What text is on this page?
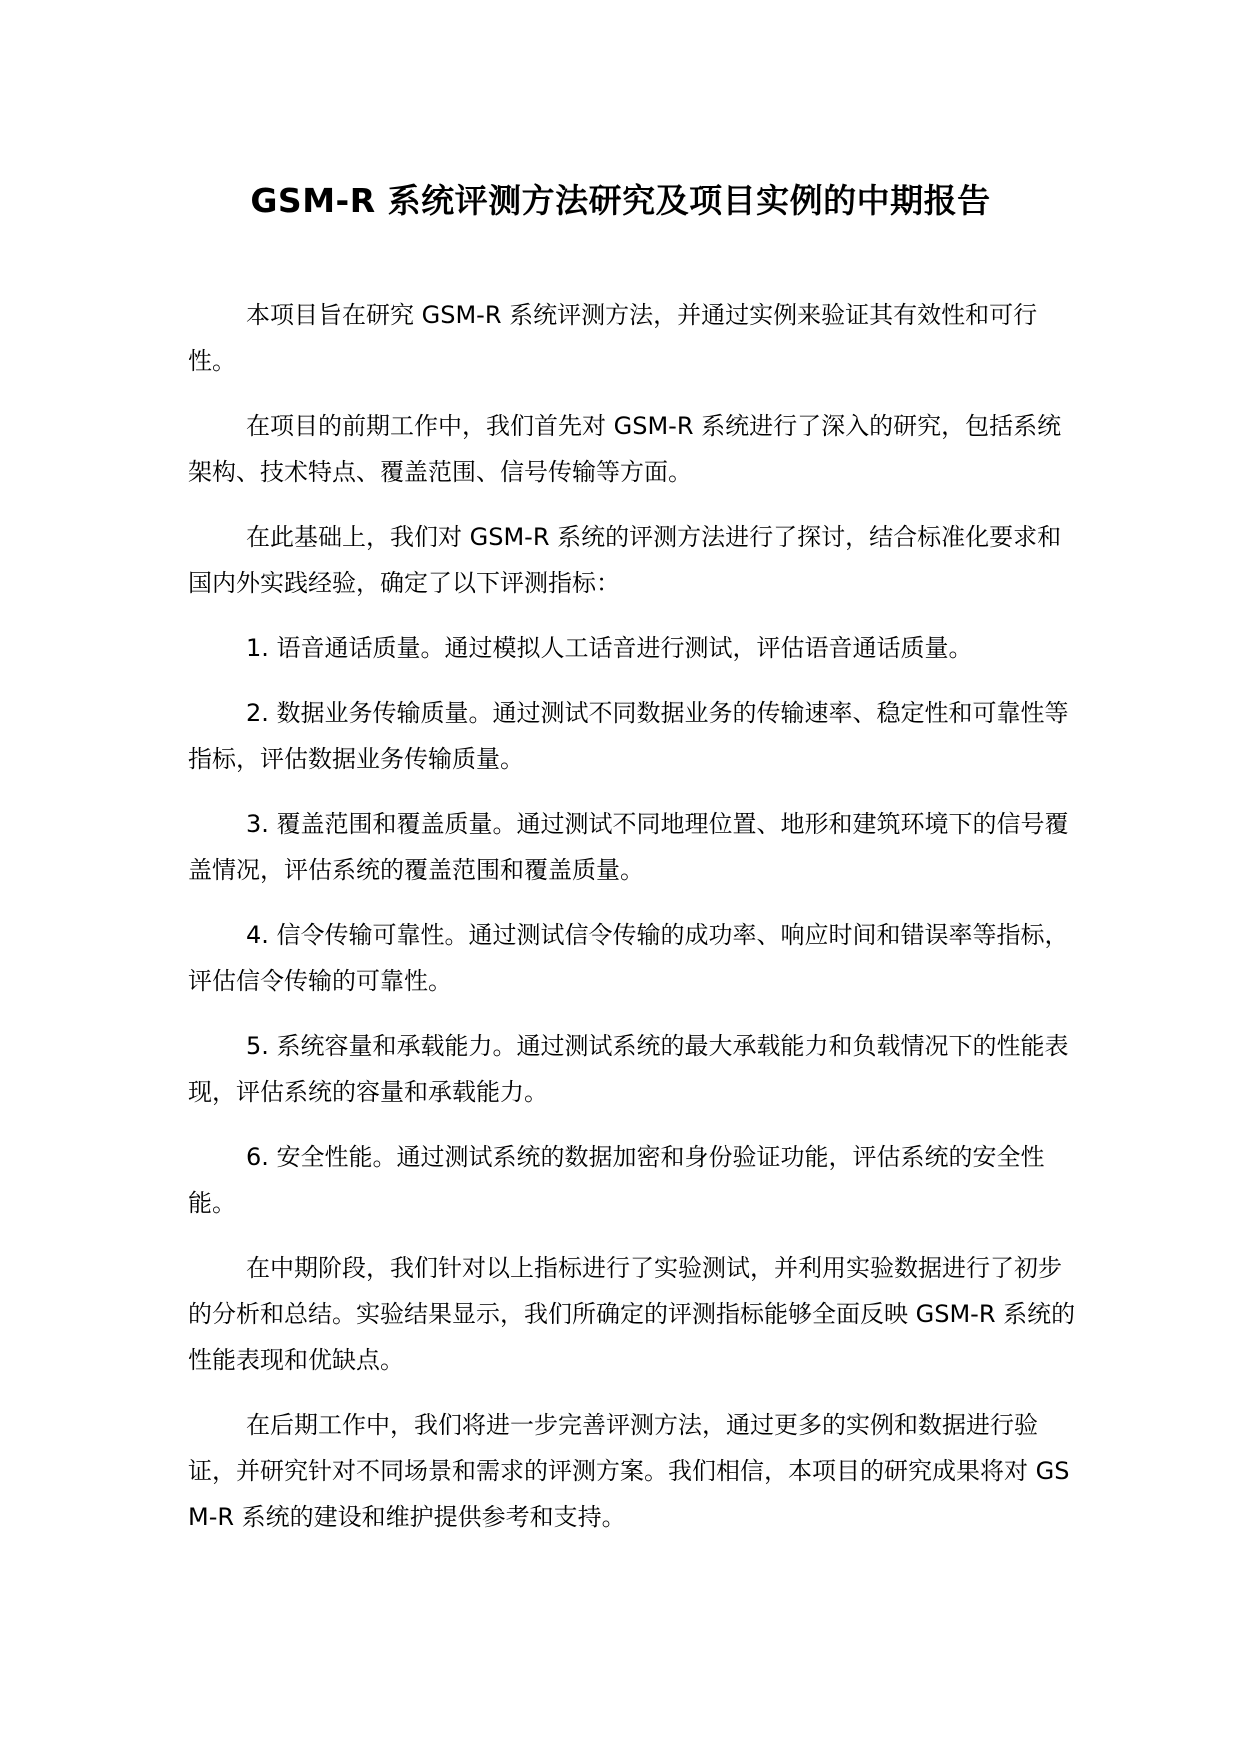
GSM-R 系统评测方法研究及项目实例的中期报告

本项目旨在研究 GSM-R 系统评测方法，并通过实例来验证其有效性和可行性。

在项目的前期工作中，我们首先对 GSM-R 系统进行了深入的研究，包括系统架构、技术特点、覆盖范围、信号传输等方面。

在此基础上，我们对 GSM-R 系统的评测方法进行了探讨，结合标准化要求和国内外实践经验，确定了以下评测指标：

1. 语音通话质量。通过模拟人工话音进行测试，评估语音通话质量。

2. 数据业务传输质量。通过测试不同数据业务的传输速率、稳定性和可靠性等指标，评估数据业务传输质量。

3. 覆盖范围和覆盖质量。通过测试不同地理位置、地形和建筑环境下的信号覆盖情况，评估系统的覆盖范围和覆盖质量。

4. 信令传输可靠性。通过测试信令传输的成功率、响应时间和错误率等指标，评估信令传输的可靠性。

5. 系统容量和承载能力。通过测试系统的最大承载能力和负载情况下的性能表现，评估系统的容量和承载能力。

6. 安全性能。通过测试系统的数据加密和身份验证功能，评估系统的安全性能。

在中期阶段，我们针对以上指标进行了实验测试，并利用实验数据进行了初步的分析和总结。实验结果显示，我们所确定的评测指标能够全面反映 GSM-R 系统的性能表现和优缺点。

在后期工作中，我们将进一步完善评测方法，通过更多的实例和数据进行验证，并研究针对不同场景和需求的评测方案。我们相信，本项目的研究成果将对 GSM-R 系统的建设和维护提供参考和支持。
